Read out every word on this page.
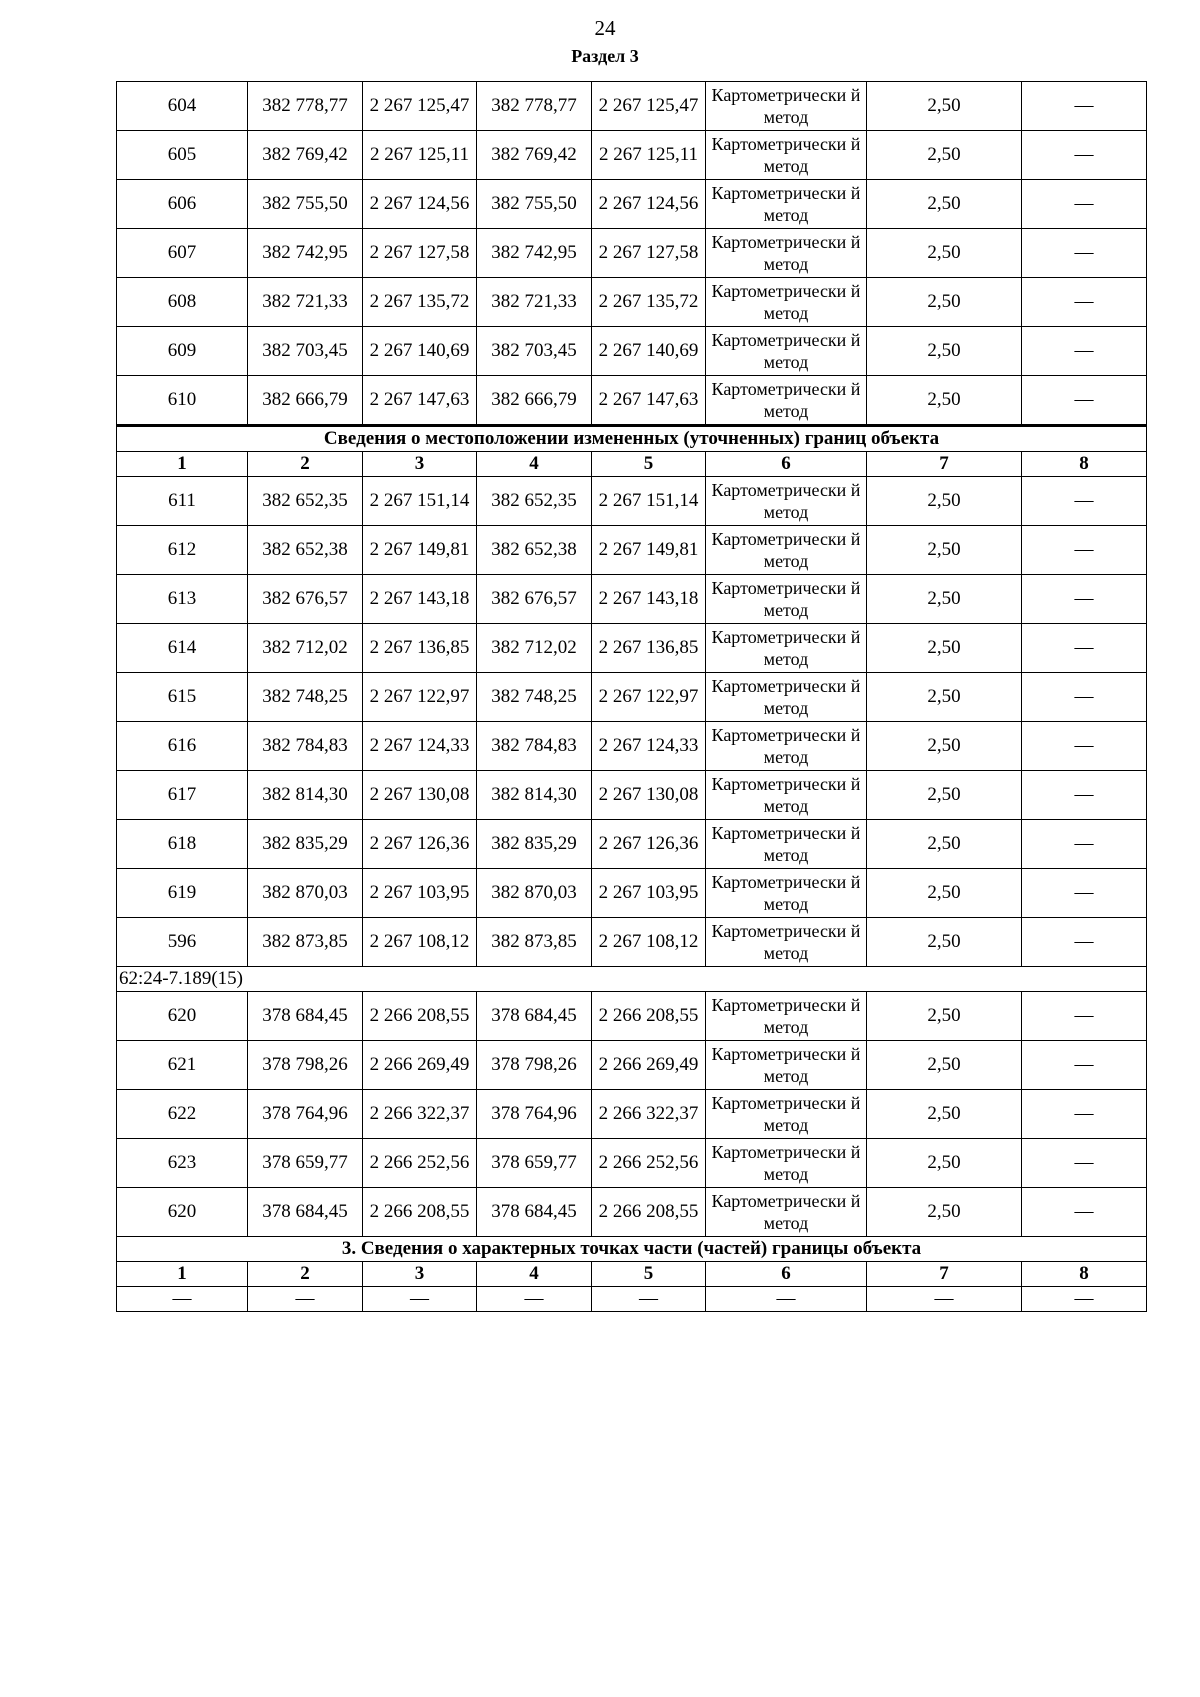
24
Раздел 3
604	382 778,77	2 267 125,47	382 778,77	2 267 125,47	Картометрически й метод	2,50	—
605	382 769,42	2 267 125,11	382 769,42	2 267 125,11	Картометрически й метод	2,50	—
606	382 755,50	2 267 124,56	382 755,50	2 267 124,56	Картометрически й метод	2,50	—
607	382 742,95	2 267 127,58	382 742,95	2 267 127,58	Картометрически й метод	2,50	—
608	382 721,33	2 267 135,72	382 721,33	2 267 135,72	Картометрически й метод	2,50	—
609	382 703,45	2 267 140,69	382 703,45	2 267 140,69	Картометрически й метод	2,50	—
610	382 666,79	2 267 147,63	382 666,79	2 267 147,63	Картометрически й метод	2,50	—
Сведения о местоположении измененных (уточненных) границ объекта							
1	2	3	4	5	6	7	8
611	382 652,35	2 267 151,14	382 652,35	2 267 151,14	Картометрически й метод	2,50	—
612	382 652,38	2 267 149,81	382 652,38	2 267 149,81	Картометрически й метод	2,50	—
613	382 676,57	2 267 143,18	382 676,57	2 267 143,18	Картометрически й метод	2,50	—
614	382 712,02	2 267 136,85	382 712,02	2 267 136,85	Картометрически й метод	2,50	—
615	382 748,25	2 267 122,97	382 748,25	2 267 122,97	Картометрически й метод	2,50	—
616	382 784,83	2 267 124,33	382 784,83	2 267 124,33	Картометрически й метод	2,50	—
617	382 814,30	2 267 130,08	382 814,30	2 267 130,08	Картометрически й метод	2,50	—
618	382 835,29	2 267 126,36	382 835,29	2 267 126,36	Картометрически й метод	2,50	—
619	382 870,03	2 267 103,95	382 870,03	2 267 103,95	Картометрически й метод	2,50	—
596	382 873,85	2 267 108,12	382 873,85	2 267 108,12	Картометрически й метод	2,50	—
62:24-7.189(15)							
620	378 684,45	2 266 208,55	378 684,45	2 266 208,55	Картометрически й метод	2,50	—
621	378 798,26	2 266 269,49	378 798,26	2 266 269,49	Картометрически й метод	2,50	—
622	378 764,96	2 266 322,37	378 764,96	2 266 322,37	Картометрически й метод	2,50	—
623	378 659,77	2 266 252,56	378 659,77	2 266 252,56	Картометрически й метод	2,50	—
620	378 684,45	2 266 208,55	378 684,45	2 266 208,55	Картометрически й метод	2,50	—
3. Сведения о характерных точках части (частей) границы объекта							
1	2	3	4	5	6	7	8
—	—	—	—	—	—	—	—
